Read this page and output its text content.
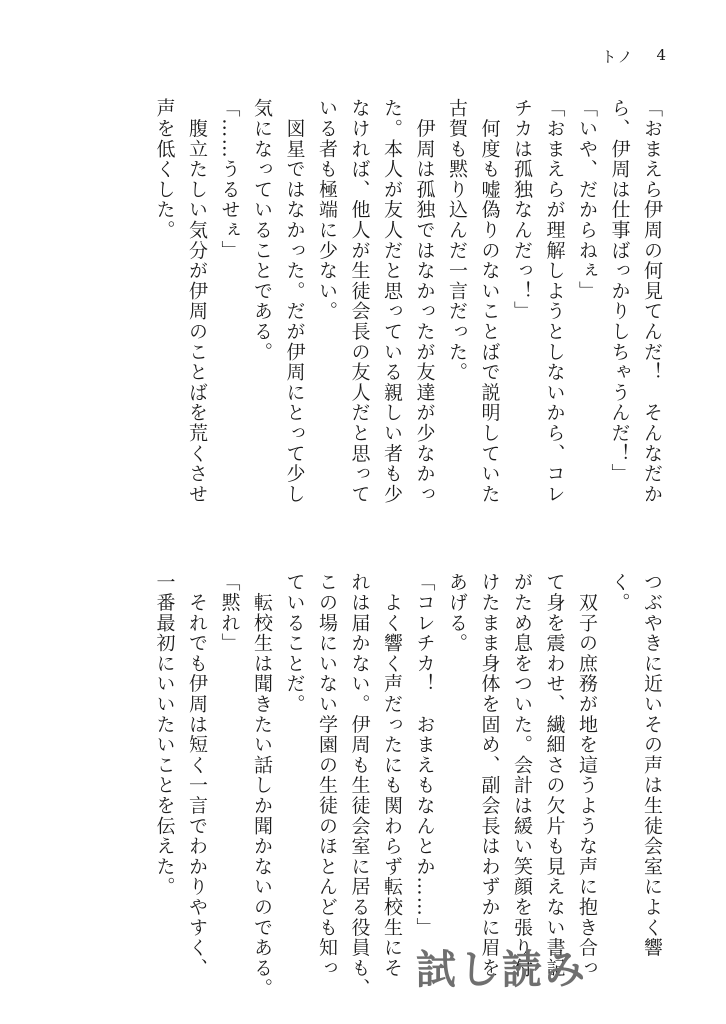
トノ 4

「おまえら伊周の何見てんだ！　そんなだか

ら、伊周は仕事ばっかりしちゃうんだ！」

「いや、だからねぇ」

「おまえらが理解しようとしないから、コレ

チカは孤独なんだっ！」

　何度も嘘偽りのないことばで説明していた

古賀も黙り込んだ一言だった。

　伊周は孤独ではなかったが友達が少なかっ

た。本人が友人だと思っている親しい者も少

なければ、他人が生徒会長の友人だと思って

いる者も極端に少ない。

　図星ではなかった。だが伊周にとって少し

気になっていることである。

「……うるせぇ」

　腹立たしい気分が伊周のことばを荒くさせ

声を低くした。

つぶやきに近いその声は生徒会室によく響

く。

　双子の庶務が地を這うような声に抱き合っ

て身を震わせ、繊細さの欠片も見えない書記

がため息をついた。会計は緩い笑顔を張り付

けたまま身体を固め、副会長はわずかに眉を

あげる。

「コレチカ！　おまえもなんとか……」

　よく響く声だったにも関わらず転校生にそ

れは届かない。伊周も生徒会室に居る役員も、

この場にいない学園の生徒のほとんども知っ

ていることだ。

　転校生は聞きたい話しか聞かないのである。

「黙れ」

　それでも伊周は短く一言でわかりやすく、

一番最初にいいたいことを伝えた。

試し読み
